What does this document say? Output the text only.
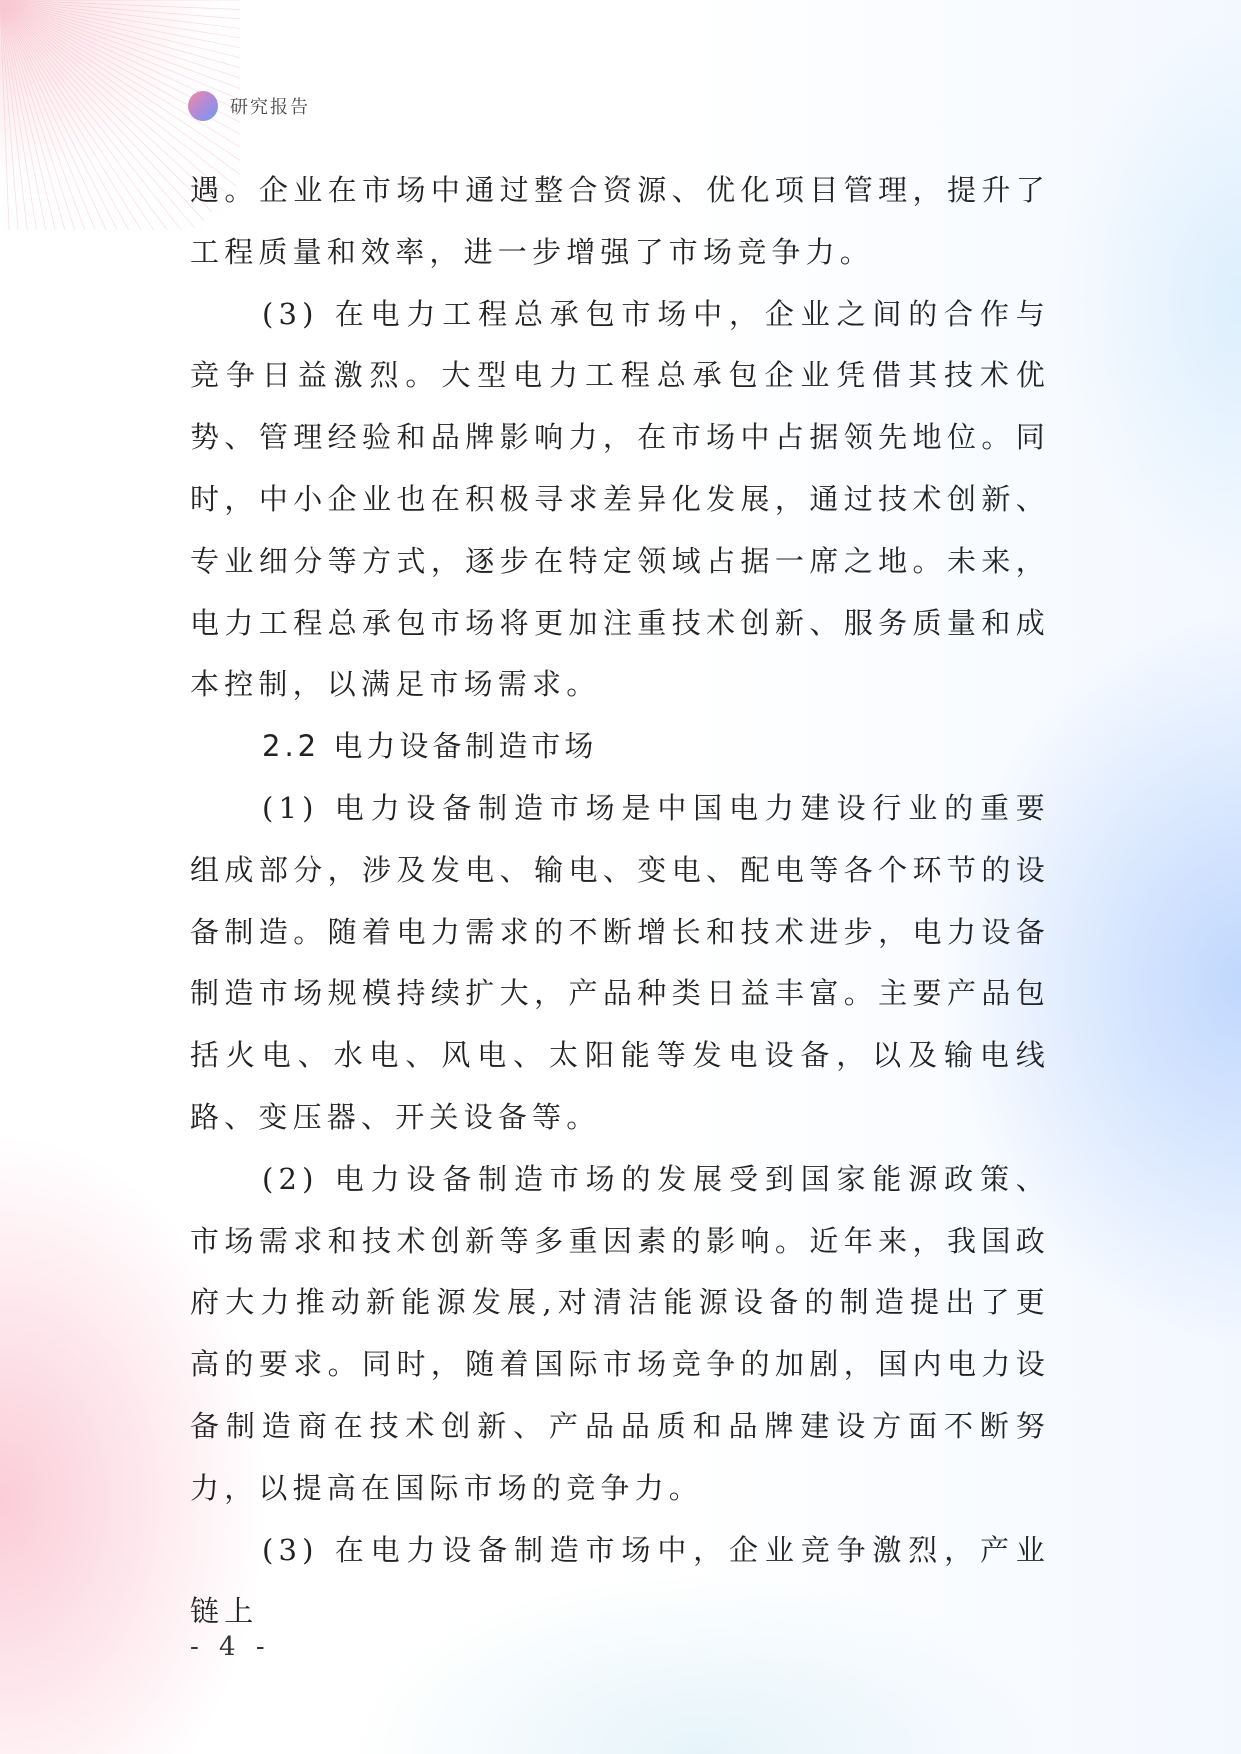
研究报告

遇。企业在市场中通过整合资源、优化项目管理，提升了工程质量和效率，进一步增强了市场竞争力。

(3) 在电力工程总承包市场中，企业之间的合作与竞争日益激烈。大型电力工程总承包企业凭借其技术优势、管理经验和品牌影响力，在市场中占据领先地位。同时，中小企业也在积极寻求差异化发展，通过技术创新、专业细分等方式，逐步在特定领域占据一席之地。未来，电力工程总承包市场将更加注重技术创新、服务质量和成本控制，以满足市场需求。

2.2 电力设备制造市场

(1) 电力设备制造市场是中国电力建设行业的重要组成部分，涉及发电、输电、变电、配电等各个环节的设备制造。随着电力需求的不断增长和技术进步，电力设备制造市场规模持续扩大，产品种类日益丰富。主要产品包括火电、水电、风电、太阳能等发电设备，以及输电线路、变压器、开关设备等。

(2) 电力设备制造市场的发展受到国家能源政策、市场需求和技术创新等多重因素的影响。近年来，我国政府大力推动新能源发展,对清洁能源设备的制造提出了更高的要求。同时，随着国际市场竞争的加剧，国内电力设备制造商在技术创新、产品品质和品牌建设方面不断努力，以提高在国际市场的竞争力。

(3) 在电力设备制造市场中，企业竞争激烈，产业链上

- 4 -
